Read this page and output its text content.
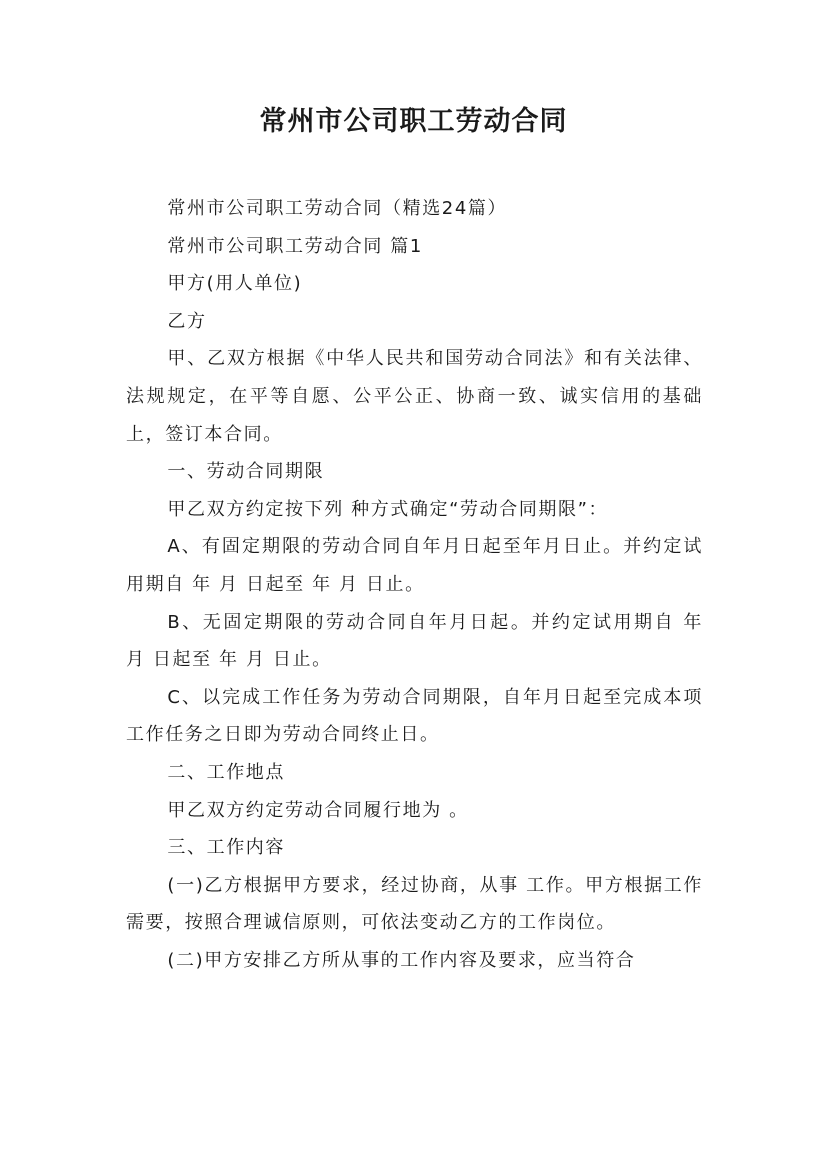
常州市公司职工劳动合同

常州市公司职工劳动合同（精选24篇）

常州市公司职工劳动合同 篇1

甲方(用人单位)

乙方

甲、乙双方根据《中华人民共和国劳动合同法》和有关法律、法规规定，在平等自愿、公平公正、协商一致、诚实信用的基础上，签订本合同。

一、劳动合同期限

甲乙双方约定按下列 种方式确定“劳动合同期限”：

A、有固定期限的劳动合同自年月日起至年月日止。并约定试用期自 年 月 日起至 年 月 日止。

B、无固定期限的劳动合同自年月日起。并约定试用期自 年 月 日起至 年 月 日止。

C、以完成工作任务为劳动合同期限，自年月日起至完成本项工作任务之日即为劳动合同终止日。

二、工作地点

甲乙双方约定劳动合同履行地为 。

三、工作内容

(一)乙方根据甲方要求，经过协商，从事 工作。甲方根据工作需要，按照合理诚信原则，可依法变动乙方的工作岗位。

(二)甲方安排乙方所从事的工作内容及要求，应当符合
